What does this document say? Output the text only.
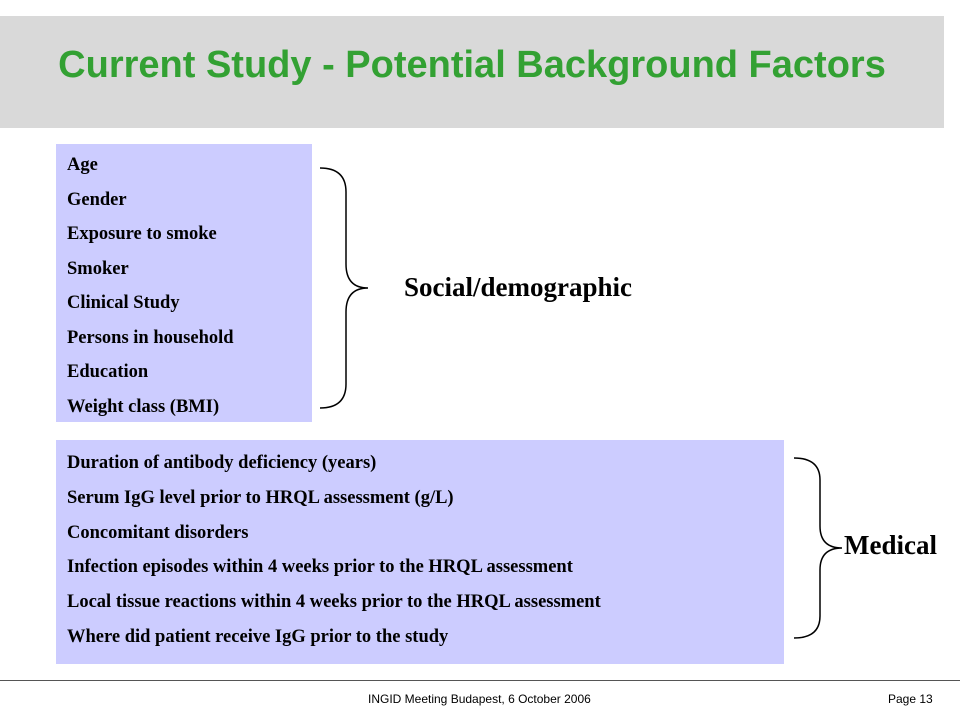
Current Study - Potential Background Factors
Age
Gender
Exposure to smoke
Smoker
Clinical Study
Persons in household
Education
Weight class (BMI)
Social/demographic
Duration of antibody deficiency (years)
Serum IgG level prior to HRQL assessment (g/L)
Concomitant disorders
Infection episodes within 4 weeks prior to the HRQL assessment
Local tissue reactions within 4 weeks prior to the HRQL assessment
Where did patient receive IgG prior to the study
Medical
INGID Meeting Budapest, 6 October 2006	Page 13
